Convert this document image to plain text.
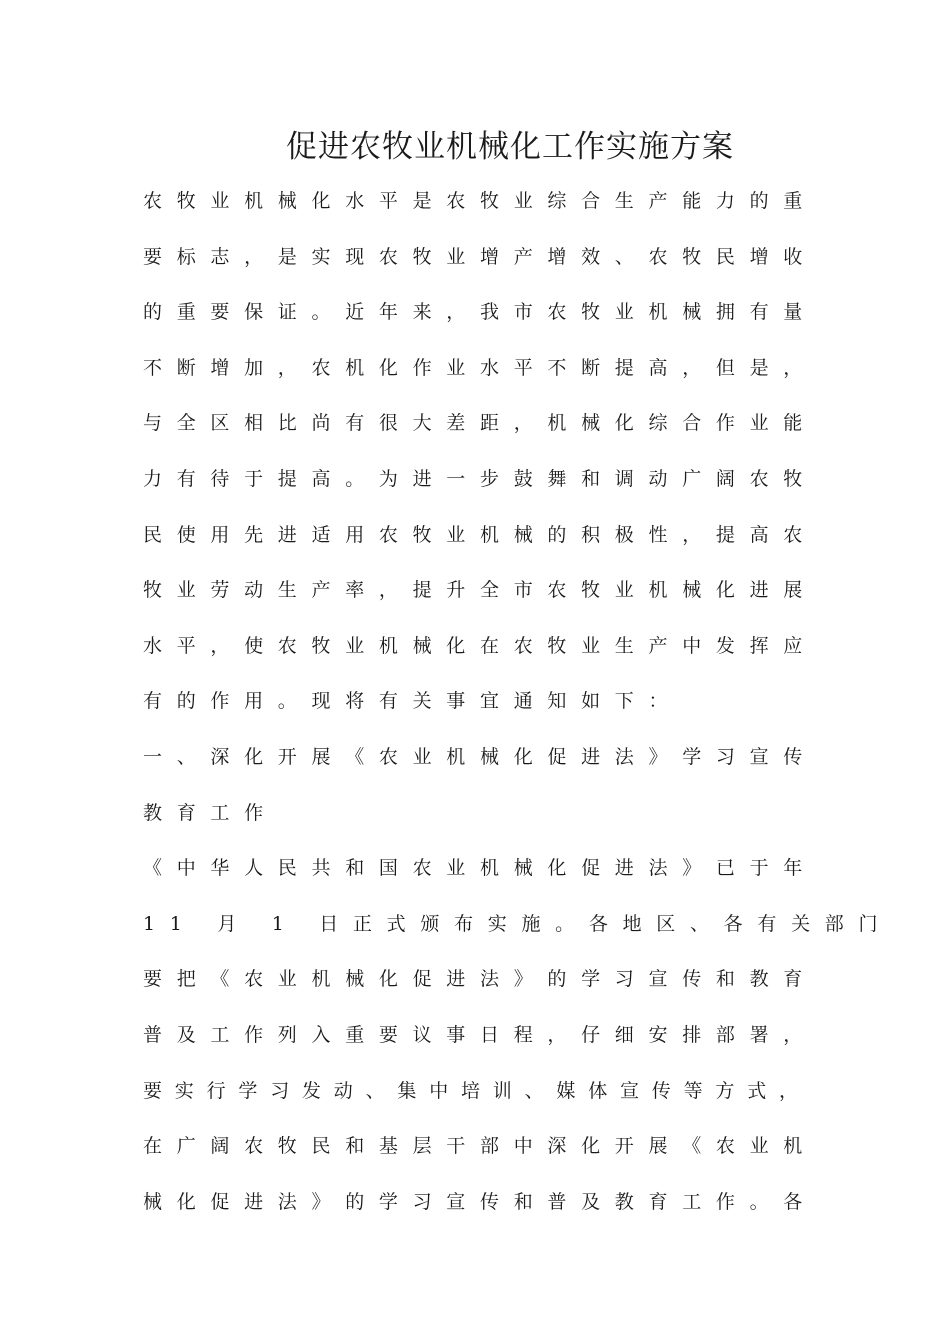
促进农牧业机械化工作实施方案
农牧业机械化水平是农牧业综合生产能力的重
要标志，是实现农牧业增产增效、农牧民增收
的重要保证。近年来，我市农牧业机械拥有量
不断增加，农机化作业水平不断提高，但是，
与全区相比尚有很大差距，机械化综合作业能
力有待于提高。为进一步鼓舞和调动广阔农牧
民使用先进适用农牧业机械的积极性，提高农
牧业劳动生产率，提升全市农牧业机械化进展
水平，使农牧业机械化在农牧业生产中发挥应
有的作用。现将有关事宜通知如下：
一、深化开展《农业机械化促进法》学习宣传
教育工作
《中华人民共和国农业机械化促进法》已于年
11 月 1 日正式颁布实施。各地区、各有关部门
要把《农业机械化促进法》的学习宣传和教育
普及工作列入重要议事日程，仔细安排部署，
要实行学习发动、集中培训、媒体宣传等方式，
在广阔农牧民和基层干部中深化开展《农业机
械化促进法》的学习宣传和普及教育工作。各
